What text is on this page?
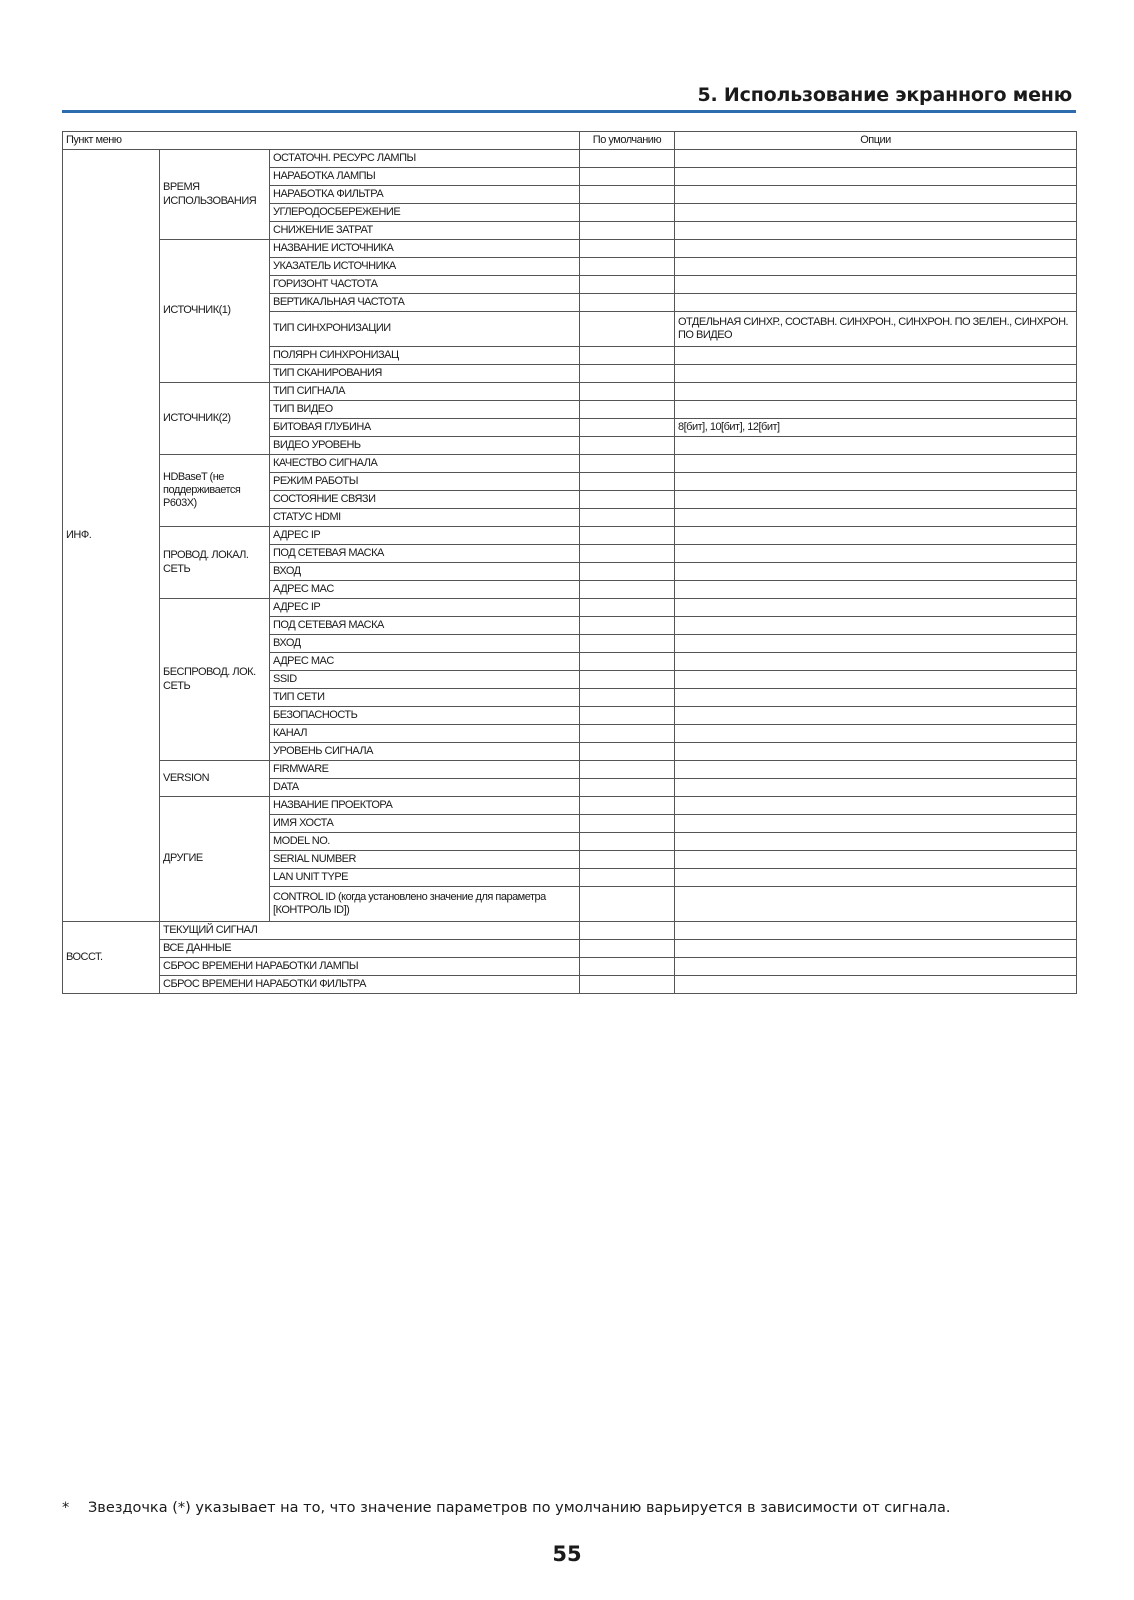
5. Использование экранного меню
Пункт меню			По умолчанию	Опции
ИНФ.	ВРЕМЯ ИСПОЛЬЗОВАНИЯ	ОСТАТОЧН. РЕСУРС ЛАМПЫ		
		НАРАБОТКА ЛАМПЫ		
		НАРАБОТКА ФИЛЬТРА		
		УГЛЕРОДОСБЕРЕЖЕНИЕ		
		СНИЖЕНИЕ ЗАТРАТ		
	ИСТОЧНИК(1)	НАЗВАНИЕ ИСТОЧНИКА		
		УКАЗАТЕЛЬ ИСТОЧНИКА		
		ГОРИЗОНТ ЧАСТОТА		
		ВЕРТИКАЛЬНАЯ ЧАСТОТА		
		ТИП СИНХРОНИЗАЦИИ		ОТДЕЛЬНАЯ СИНХР., СОСТАВН. СИНХРОН., СИНХРОН. ПО ЗЕЛЕН., СИНХРОН. ПО ВИДЕО
		ПОЛЯРН СИНХРОНИЗАЦ		
		ТИП СКАНИРОВАНИЯ		
	ИСТОЧНИК(2)	ТИП СИГНАЛА		
		ТИП ВИДЕО		
		БИТОВАЯ ГЛУБИНА		8[бит], 10[бит], 12[бит]
		ВИДЕО УРОВЕНЬ		
	HDBaseT (не поддерживается P603X)	КАЧЕСТВО СИГНАЛА		
		РЕЖИМ РАБОТЫ		
		СОСТОЯНИЕ СВЯЗИ		
		СТАТУС HDMI		
	ПРОВОД. ЛОКАЛ. СЕТЬ	АДРЕС IP		
		ПОД СЕТЕВАЯ МАСКА		
		ВХОД		
		АДРЕС MAC		
	БЕСПРОВОД. ЛОК. СЕТЬ	АДРЕС IP		
		ПОД СЕТЕВАЯ МАСКА		
		ВХОД		
		АДРЕС MAC		
		SSID		
		ТИП СЕТИ		
		БЕЗОПАСНОСТЬ		
		КАНАЛ		
		УРОВЕНЬ СИГНАЛА		
	VERSION	FIRMWARE		
		DATA		
	ДРУГИЕ	НАЗВАНИЕ ПРОЕКТОРА		
		ИМЯ ХОСТА		
		MODEL NO.		
		SERIAL NUMBER		
		LAN UNIT TYPE		
		CONTROL ID (когда установлено значение для параметра [КОНТРОЛЬ ID])		
ВОССТ.	ТЕКУЩИЙ СИГНАЛ			
	ВСЕ ДАННЫЕ			
	СБРОС ВРЕМЕНИ НАРАБОТКИ ЛАМПЫ			
	СБРОС ВРЕМЕНИ НАРАБОТКИ ФИЛЬТРА			
* Звездочка (*) указывает на то, что значение параметров по умолчанию варьируется в зависимости от сигнала.
55
